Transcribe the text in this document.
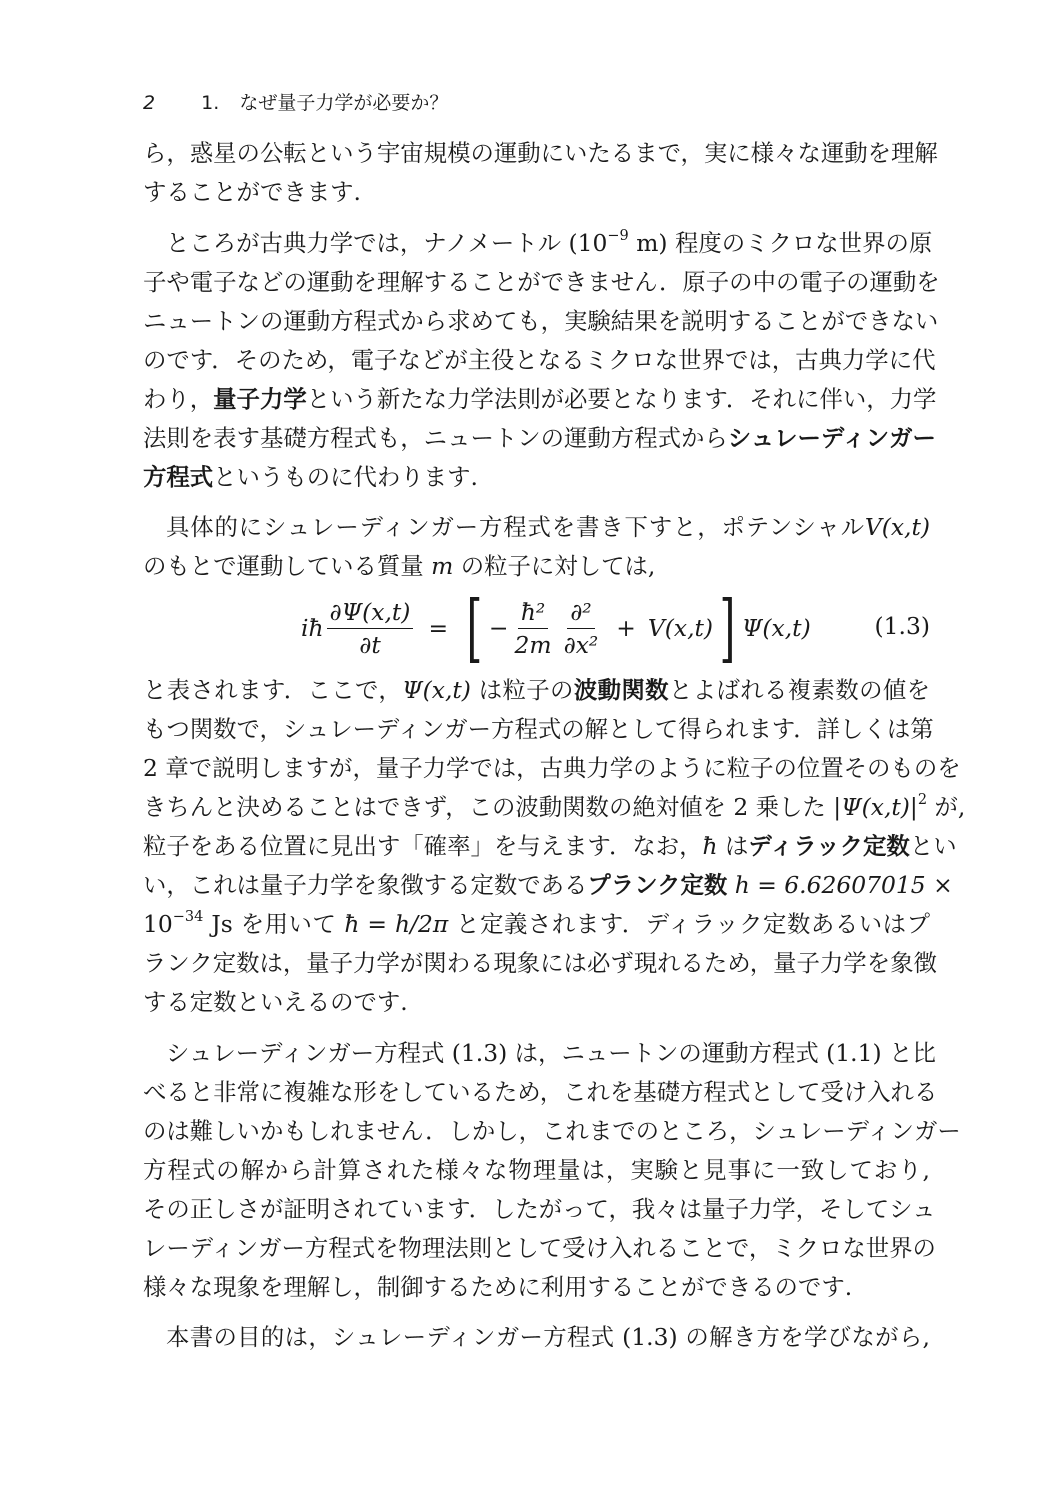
2 1. なぜ量子力学が必要か？
ら，惑星の公転という宇宙規模の運動にいたるまで，実に様々な運動を理解
することができます.
ところが古典力学では，ナノメートル ($10^{-9}$ m) 程度のミクロな世界の原
子や電子などの運動を理解することができません．原子の中の電子の運動を
ニュートンの運動方程式から求めても，実験結果を説明することができない
のです．そのため，電子などが主役となるミクロな世界では，古典力学に代
わり，量子力学という新たな力学法則が必要となります．それに伴い，力学
法則を表す基礎方程式も，ニュートンの運動方程式からシュレーディンガー
方程式というものに代わります.
具体的にシュレーディンガー方程式を書き下すと，ポテンシャルV(x,t)
のもとで運動している質量 m の粒子に対しては,
iħ $\frac{\partial\Psi(x,t)}{\partial t}$ = [ − $\frac{\text{ħ²}}{2m} \frac{\text{∂²}}{\text{∂x²}} + V(x,t)$ ] Ψ(x,t)	(1.3)
と表されます．ここで，Ψ(x,t) は粒子の波動関数とよばれる複素数の値を
もつ関数で，シュレーディンガー方程式の解として得られます．詳しくは第
2 章で説明しますが，量子力学では，古典力学のように粒子の位置そのものを
きちんと決めることはできず，この波動関数の絶対値を 2 乗した $|\Psi(x,t)|^2$ が,
粒子をある位置に見出す「確率」を与えます．なお，ħ はディラック定数とい
い，これは量子力学を象徴する定数であるプランク定数 h = 6.62607015 ×
$10^{-34}$ Js を用いて ħ = h/2π と定義されます．ディラック定数あるいはプ
ランク定数は，量子力学が関わる現象には必ず現れるため，量子力学を象徴
する定数といえるのです.
シュレーディンガー方程式 (1.3) は，ニュートンの運動方程式 (1.1) と比
べると非常に複雑な形をしているため，これを基礎方程式として受け入れる
のは難しいかもしれません．しかし，これまでのところ，シュレーディンガー
方程式の解から計算された様々な物理量は，実験と見事に一致しており,
その正しさが証明されています．したがって，我々は量子力学，そしてシュ
レーディンガー方程式を物理法則として受け入れることで，ミクロな世界の
様々な現象を理解し，制御するために利用することができるのです.
本書の目的は，シュレーディンガー方程式 (1.3) の解き方を学びながら,
